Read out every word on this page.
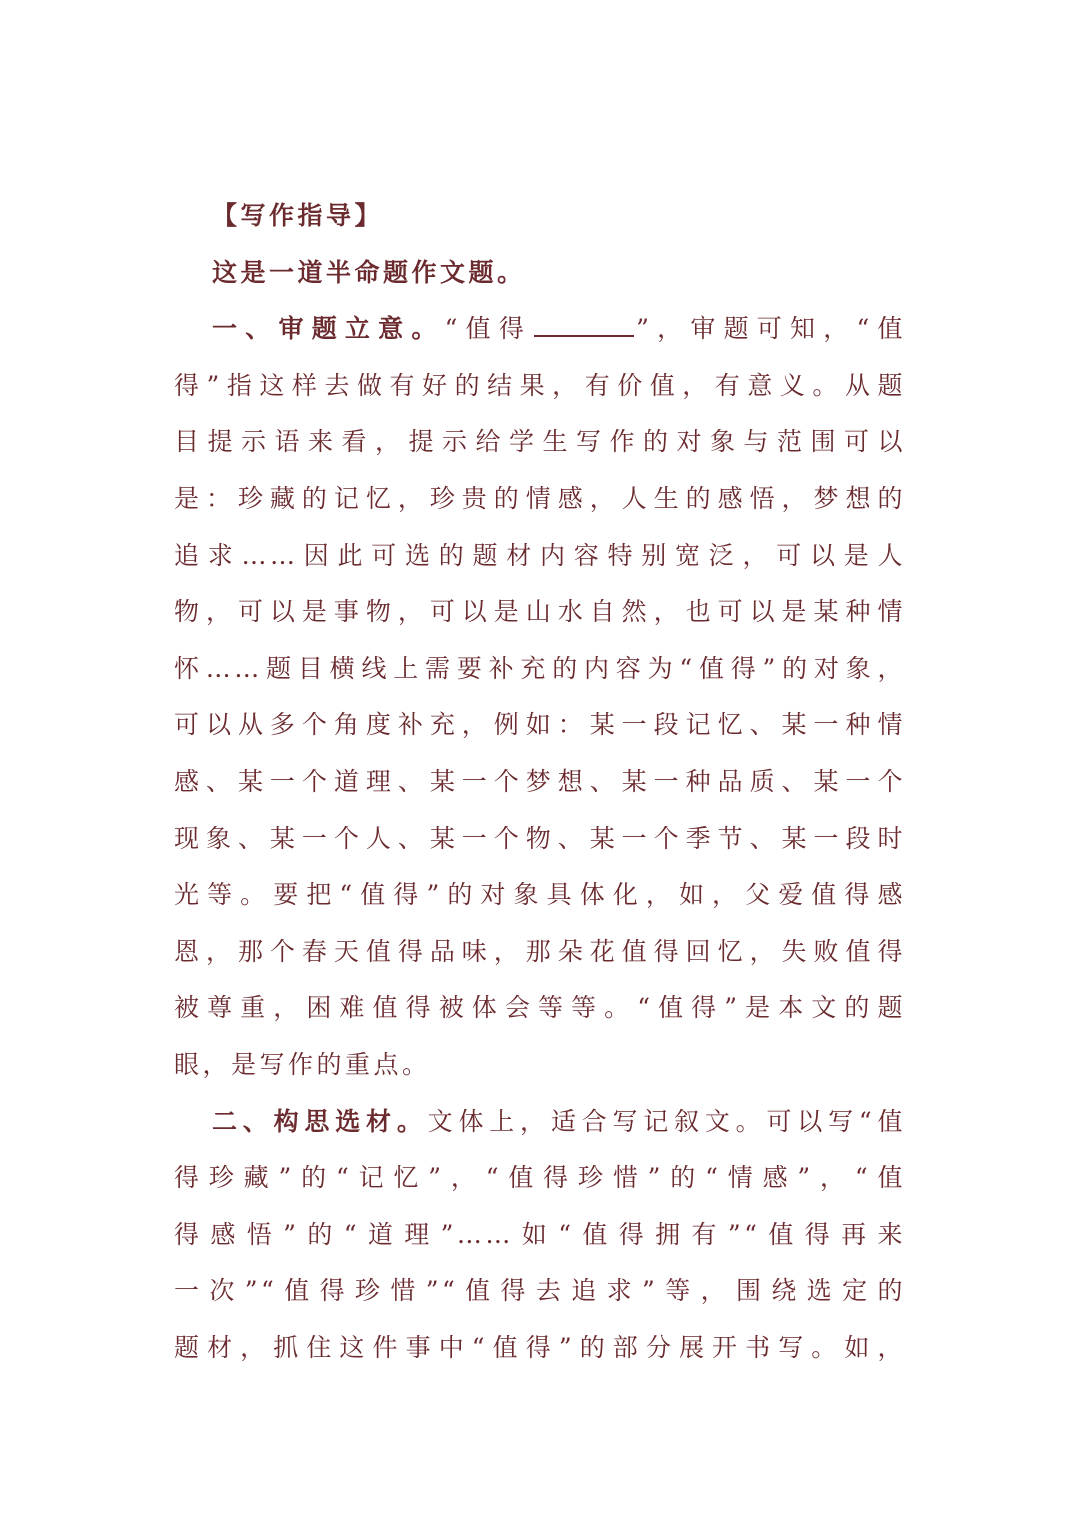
【写作指导】
这是一道半命题作文题。
一、审题立意。“值得	”，审题可知，“值
得”指这样去做有好的结果，有价值，有意义。从题
目提示语来看，提示给学生写作的对象与范围可以
是：珍藏的记忆，珍贵的情感，人生的感悟，梦想的
追求……因此可选的题材内容特别宽泛，可以是人
物，可以是事物，可以是山水自然，也可以是某种情
怀……题目横线上需要补充的内容为“值得”的对象，
可以从多个角度补充，例如：某一段记忆、某一种情
感、某一个道理、某一个梦想、某一种品质、某一个
现象、某一个人、某一个物、某一个季节、某一段时
光等。要把“值得”的对象具体化，如，父爱值得感
恩，那个春天值得品味，那朵花值得回忆，失败值得
被尊重，困难值得被体会等等。“值得”是本文的题
眼，是写作的重点。
二、构思选材。文体上，适合写记叙文。可以写“值
得珍藏”的“记忆”，“值得珍惜”的“情感”，“值
得感悟”的“道理”……如“值得拥有”“值得再来
一次”“值得珍惜”“值得去追求”等，围绕选定的
题材，抓住这件事中“值得”的部分展开书写。如，
